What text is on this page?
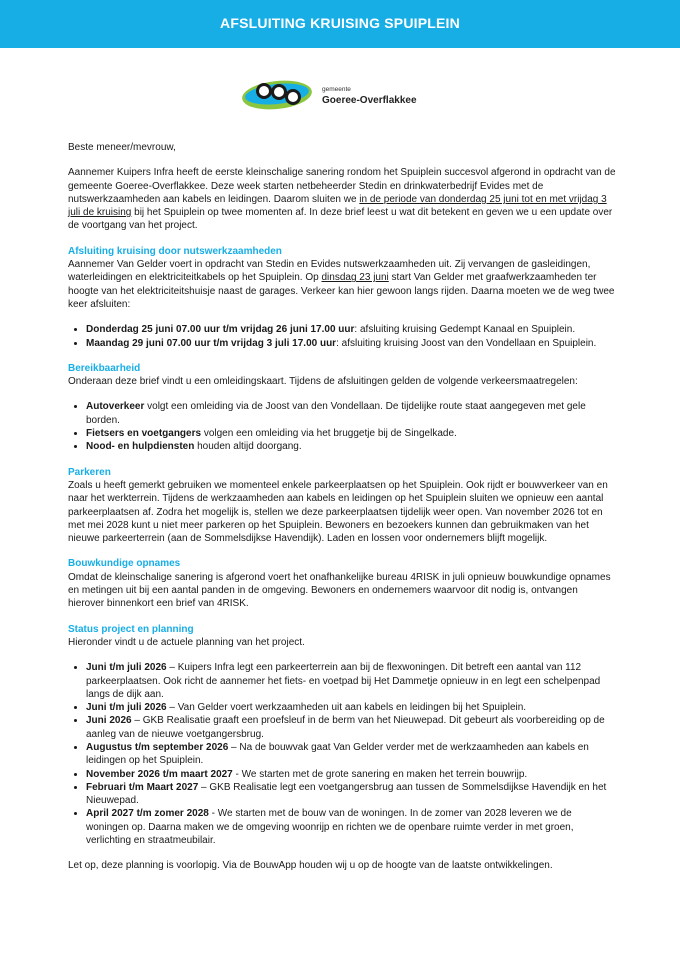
AFSLUITING KRUISING SPUIPLEIN
gemeente
Goeree-Overflakkee

Beste meneer/mevrouw,

Aannemer Kuipers Infra heeft de eerste kleinschalige sanering rondom het Spuiplein succesvol afgerond in opdracht van de gemeente Goeree-Overflakkee. Deze week starten netbeheerder Stedin en drinkwaterbedrijf Evides met de nutswerkzaamheden aan kabels en leidingen. Daarom sluiten we in de periode van donderdag 25 juni tot en met vrijdag 3 juli de kruising bij het Spuiplein op twee momenten af. In deze brief leest u wat dit betekent en geven we u een update over de voortgang van het project.

Afsluiting kruising door nutswerkzaamheden

Aannemer Van Gelder voert in opdracht van Stedin en Evides nutswerkzaamheden uit. Zij vervangen de gasleidingen, waterleidingen en elektriciteitkabels op het Spuiplein. Op dinsdag 23 juni start Van Gelder met graafwerkzaamheden ter hoogte van het elektriciteitshuisje naast de garages. Verkeer kan hier gewoon langs rijden. Daarna moeten we de weg twee keer afsluiten:

• Donderdag 25 juni 07.00 uur t/m vrijdag 26 juni 17.00 uur: afsluiting kruising Gedempt Kanaal en Spuiplein.
• Maandag 29 juni 07.00 uur t/m vrijdag 3 juli 17.00 uur: afsluiting kruising Joost van den Vondellaan en Spuiplein.
Bereikbaarheid

Onderaan deze brief vindt u een omleidingskaart. Tijdens de afsluitingen gelden de volgende verkeersmaatregelen:

• Autoverkeer volgt een omleiding via de Joost van den Vondellaan. De tijdelijke route staat aangegeven met gele borden.
• Fietsers en voetgangers volgen een omleiding via het bruggetje bij de Singelkade.
• Nood- en hulpdiensten houden altijd doorgang.
Parkeren

Zoals u heeft gemerkt gebruiken we momenteel enkele parkeerplaatsen op het Spuiplein. Ook rijdt er bouwverkeer van en naar het werkterrein. Tijdens de werkzaamheden aan kabels en leidingen op het Spuiplein sluiten we opnieuw een aantal parkeerplaatsen af. Zodra het mogelijk is, stellen we deze parkeerplaatsen tijdelijk weer open. Van november 2026 tot en met mei 2028 kunt u niet meer parkeren op het Spuiplein. Bewoners en bezoekers kunnen dan gebruikmaken van het nieuwe parkeerterrein (aan de Sommelsdijkse Havendijk). Laden en lossen voor ondernemers blijft mogelijk.

Bouwkundige opnames

Omdat de kleinschalige sanering is afgerond voert het onafhankelijke bureau 4RISK in juli opnieuw bouwkundige opnames en metingen uit bij een aantal panden in de omgeving. Bewoners en ondernemers waarvoor dit nodig is, ontvangen hierover binnenkort een brief van 4RISK.

Status project en planning

Hieronder vindt u de actuele planning van het project.

• Juni t/m juli 2026 – Kuipers Infra legt een parkeerterrein aan bij de flexwoningen. Dit betreft een aantal van 112 parkeerplaatsen. Ook richt de aannemer het fiets- en voetpad bij Het Dammetje opnieuw in en legt een schelpenpad langs de dijk aan.
• Juni t/m juli 2026 – Van Gelder voert werkzaamheden uit aan kabels en leidingen bij het Spuiplein.
• Juni 2026 – GKB Realisatie graaft een proefsleuf in de berm van het Nieuwepad. Dit gebeurt als voorbereiding op de aanleg van de nieuwe voetgangersbrug.
• Augustus t/m september 2026 – Na de bouwvak gaat Van Gelder verder met de werkzaamheden aan kabels en leidingen op het Spuiplein.
• November 2026 t/m maart 2027 - We starten met de grote sanering en maken het terrein bouwrijp.
• Februari t/m Maart 2027 – GKB Realisatie legt een voetgangersbrug aan tussen de Sommelsdijkse Havendijk en het Nieuwepad.
• April 2027 t/m zomer 2028 - We starten met de bouw van de woningen. In de zomer van 2028 leveren we de woningen op. Daarna maken we de omgeving woonrijp en richten we de openbare ruimte verder in met groen, verlichting en straatmeubilair.

Let op, deze planning is voorlopig. Via de BouwApp houden wij u op de hoogte van de laatste ontwikkelingen.
